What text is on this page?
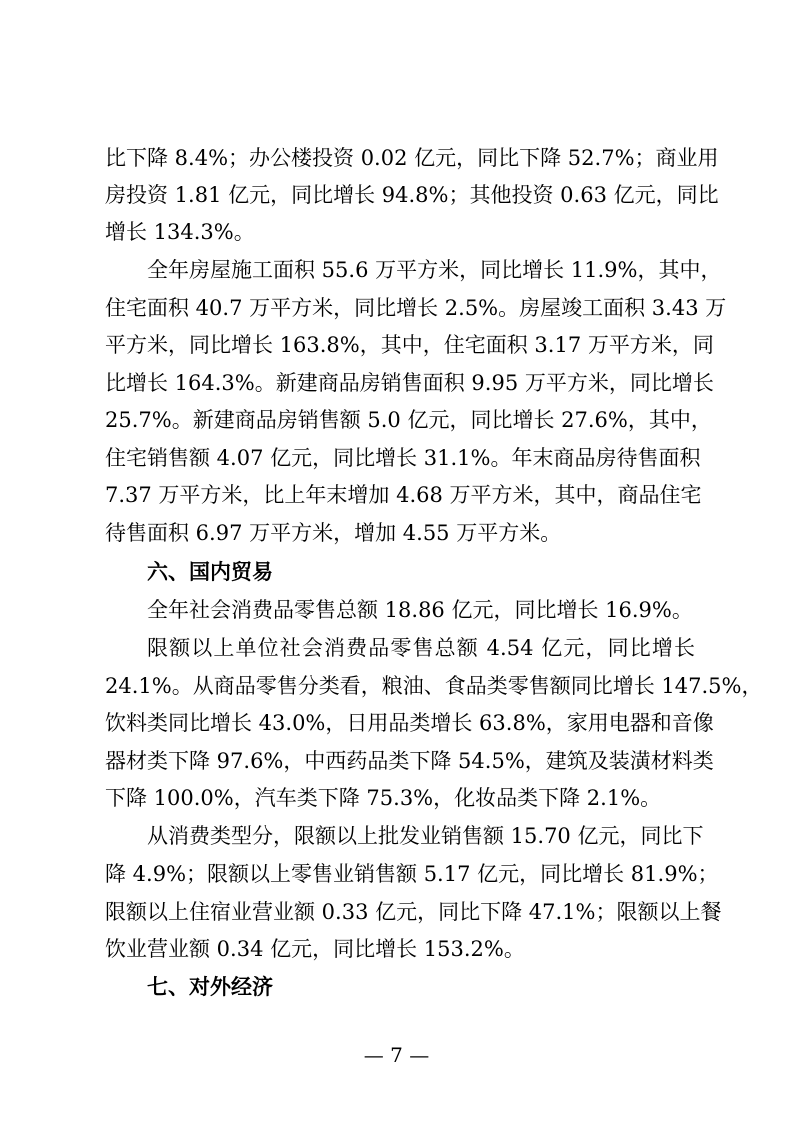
比下降 8.4%；办公楼投资 0.02 亿元，同比下降 52.7%；商业用
房投资 1.81 亿元，同比增长 94.8%；其他投资 0.63 亿元，同比
增长 134.3%。
全年房屋施工面积 55.6 万平方米，同比增长 11.9%，其中，
住宅面积 40.7 万平方米，同比增长 2.5%。房屋竣工面积 3.43 万
平方米，同比增长 163.8%，其中，住宅面积 3.17 万平方米，同
比增长 164.3%。新建商品房销售面积 9.95 万平方米，同比增长
25.7%。新建商品房销售额 5.0 亿元，同比增长 27.6%，其中，
住宅销售额 4.07 亿元，同比增长 31.1%。年末商品房待售面积
7.37 万平方米，比上年末增加 4.68 万平方米，其中，商品住宅
待售面积 6.97 万平方米，增加 4.55 万平方米。
六、国内贸易
全年社会消费品零售总额 18.86 亿元，同比增长 16.9%。
限额以上单位社会消费品零售总额 4.54 亿元，同比增长
24.1%。从商品零售分类看，粮油、食品类零售额同比增长 147.5%，
饮料类同比增长 43.0%，日用品类增长 63.8%，家用电器和音像
器材类下降 97.6%，中西药品类下降 54.5%，建筑及装潢材料类
下降 100.0%，汽车类下降 75.3%，化妆品类下降 2.1%。
从消费类型分，限额以上批发业销售额 15.70 亿元，同比下
降 4.9%；限额以上零售业销售额 5.17 亿元，同比增长 81.9%；
限额以上住宿业营业额 0.33 亿元，同比下降 47.1%；限额以上餐
饮业营业额 0.34 亿元，同比增长 153.2%。
七、对外经济
— 7 —
